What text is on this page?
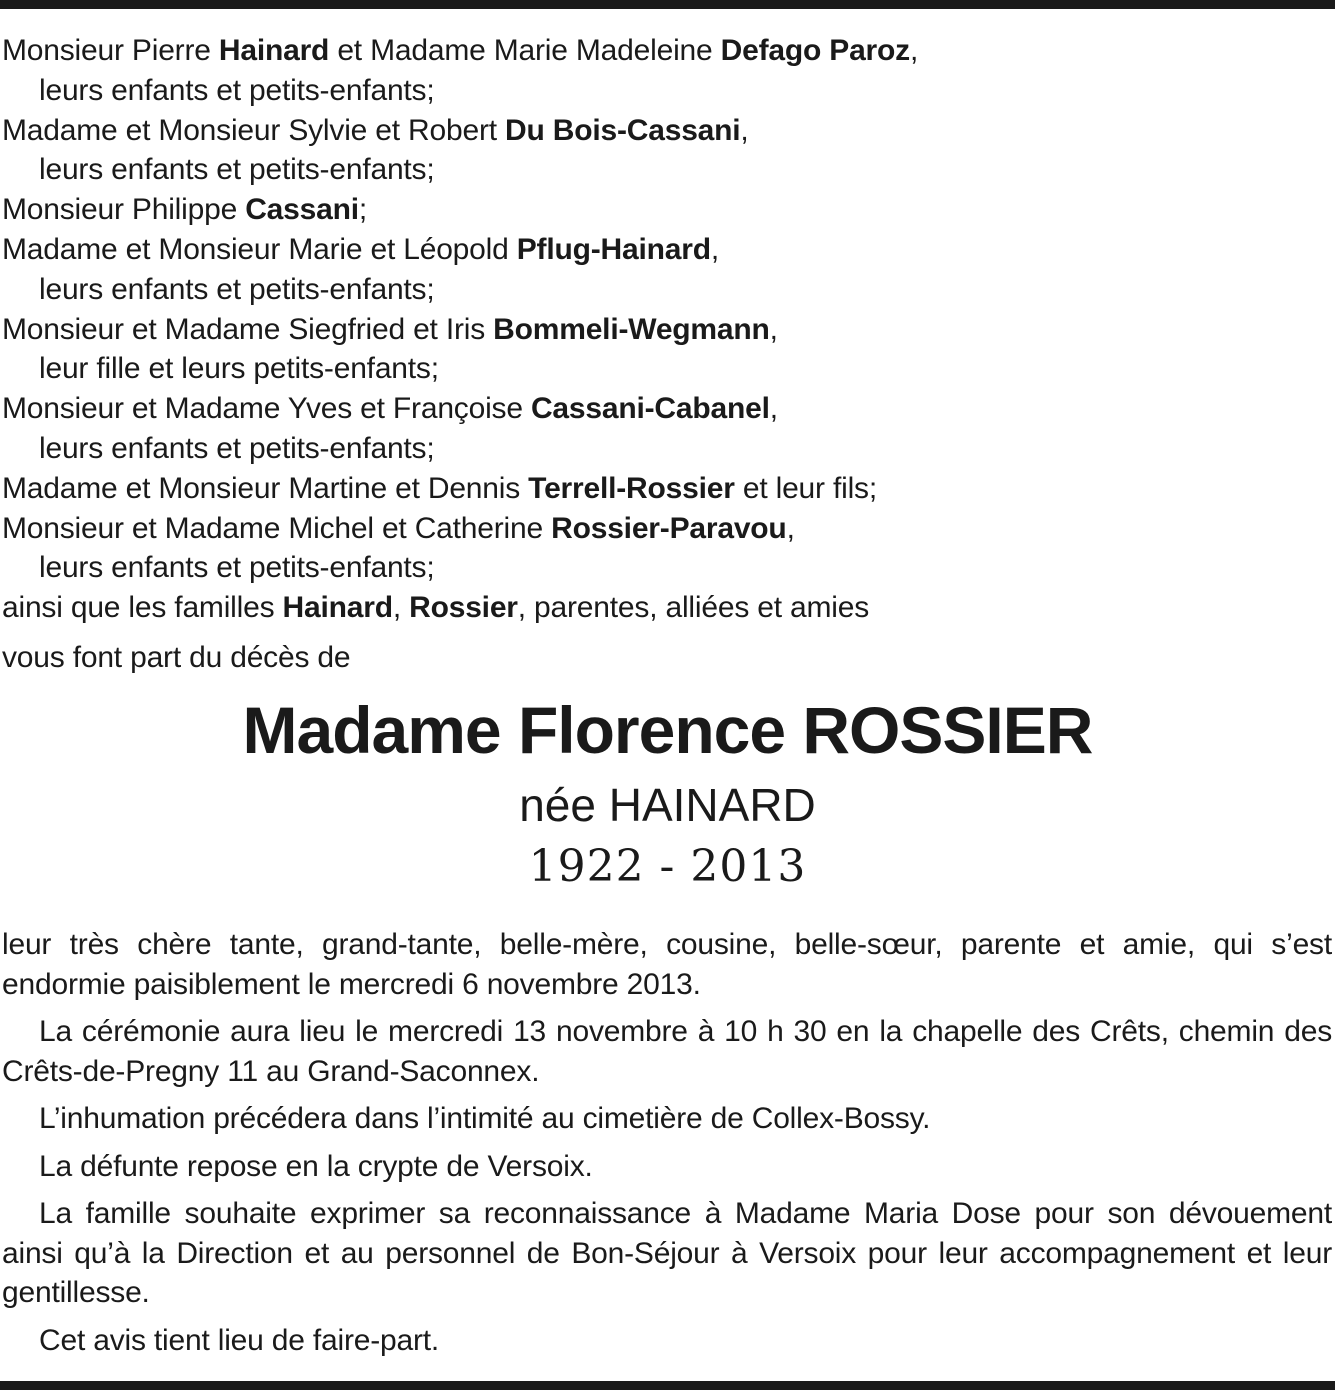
Monsieur Pierre Hainard et Madame Marie Madeleine Defago Paroz,
leurs enfants et petits-enfants;
Madame et Monsieur Sylvie et Robert Du Bois-Cassani,
leurs enfants et petits-enfants;
Monsieur Philippe Cassani;
Madame et Monsieur Marie et Léopold Pflug-Hainard,
leurs enfants et petits-enfants;
Monsieur et Madame Siegfried et Iris Bommeli-Wegmann,
leur fille et leurs petits-enfants;
Monsieur et Madame Yves et Françoise Cassani-Cabanel,
leurs enfants et petits-enfants;
Madame et Monsieur Martine et Dennis Terrell-Rossier et leur fils;
Monsieur et Madame Michel et Catherine Rossier-Paravou,
leurs enfants et petits-enfants;
ainsi que les familles Hainard, Rossier, parentes, alliées et amies
vous font part du décès de
Madame Florence ROSSIER
née HAINARD
1922 - 2013

leur très chère tante, grand-tante, belle-mère, cousine, belle-sœur, parente et amie, qui s’est endormie paisiblement le mercredi 6 novembre 2013.

La cérémonie aura lieu le mercredi 13 novembre à 10 h 30 en la chapelle des Crêts, chemin des Crêts-de-Pregny 11 au Grand-Saconnex.

L’inhumation précédera dans l’intimité au cimetière de Collex-Bossy.

La défunte repose en la crypte de Versoix.

La famille souhaite exprimer sa reconnaissance à Madame Maria Dose pour son dévouement ainsi qu’à la Direction et au personnel de Bon-Séjour à Versoix pour leur accompagnement et leur gentillesse.

Cet avis tient lieu de faire-part.
